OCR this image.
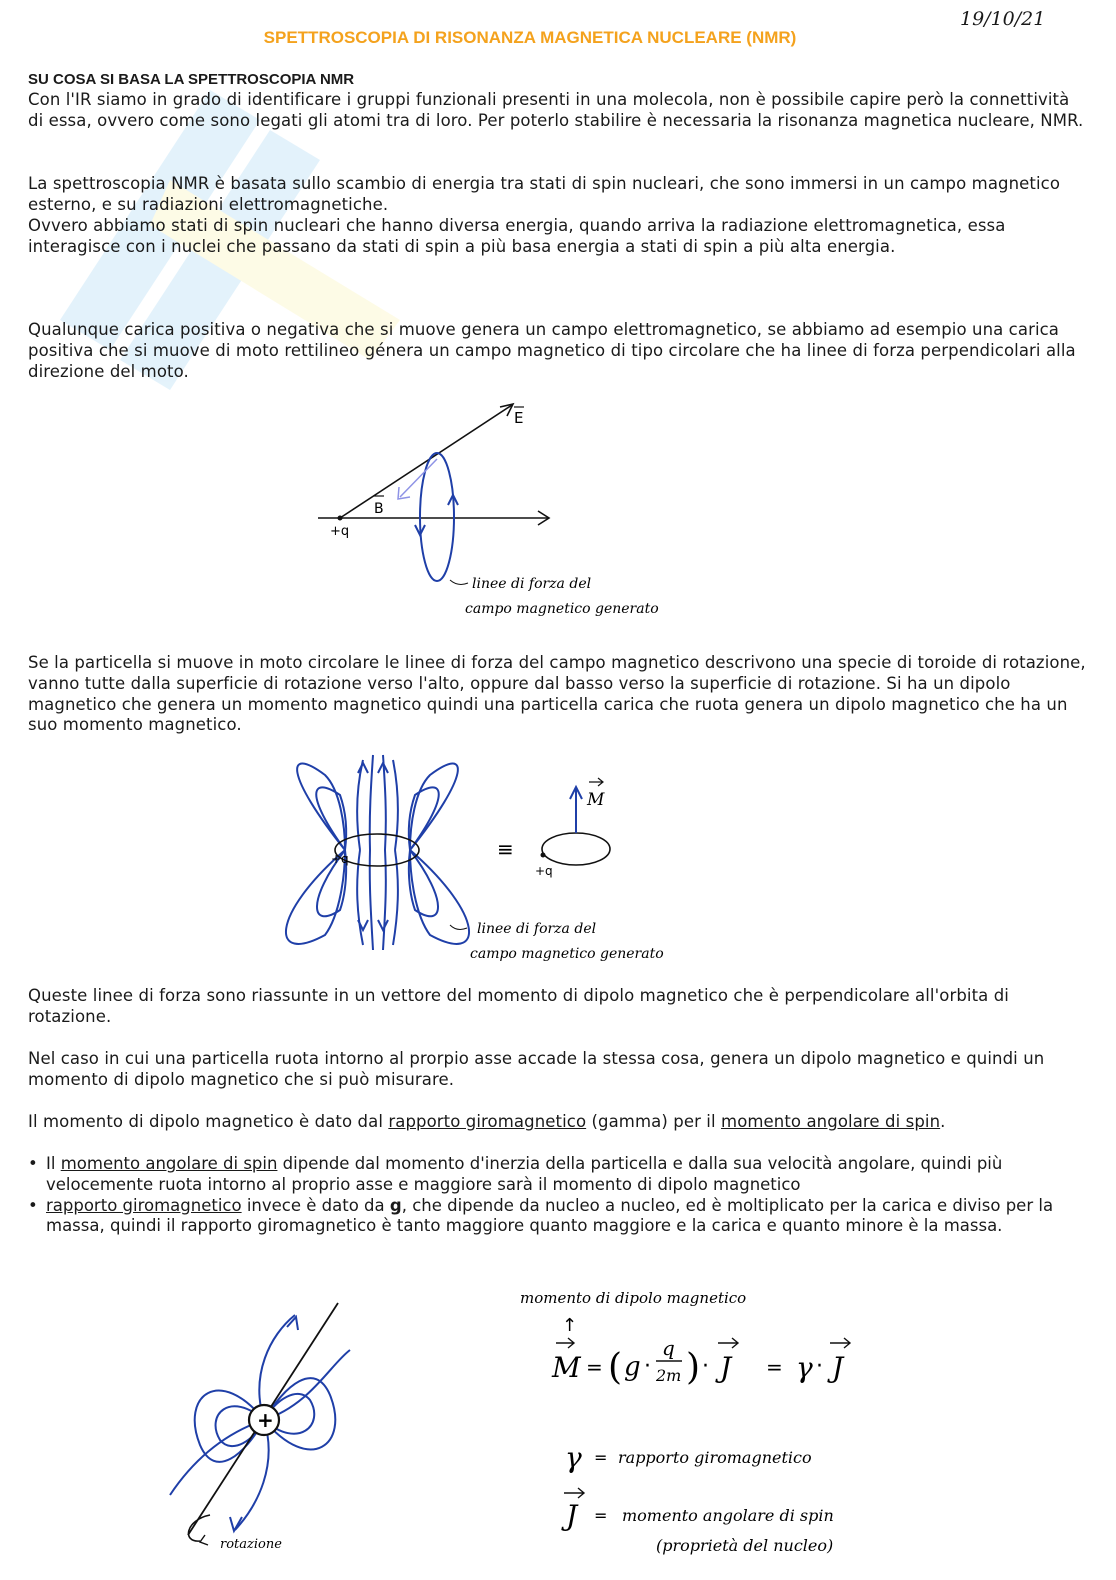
19/10/21
SPETTROSCOPIA DI RISONANZA MAGNETICA NUCLEARE (NMR)
SU COSA SI BASA LA SPETTROSCOPIA NMR

Con l'IR siamo in grado di identificare i gruppi funzionali presenti in una molecola, non è possibile capire però la connettività di essa, ovvero come sono legati gli atomi tra di loro. Per poterlo stabilire è necessaria la risonanza magnetica nucleare, NMR.

La spettroscopia NMR è basata sullo scambio di energia tra stati di spin nucleari, che sono immersi in un campo magnetico esterno, e su radiazioni elettromagnetiche.

Ovvero abbiamo stati di spin nucleari che hanno diversa energia, quando arriva la radiazione elettromagnetica, essa interagisce con i nuclei che passano da stati di spin a più basa energia a stati di spin a più alta energia.

Qualunque carica positiva o negativa che si muove genera un campo elettromagnetico, se abbiamo ad esempio una carica positiva che si muove di moto rettilineo génera un campo magnetico di tipo circolare che ha linee di forza perpendicolari alla direzione del moto.

+q
E
B
linee di forza del
campo magnetico generato

Se la particella si muove in moto circolare le linee di forza del campo magnetico descrivono una specie di toroide di rotazione, vanno tutte dalla superficie di rotazione verso l'alto, oppure dal basso verso la superficie di rotazione. Si ha un dipolo magnetico che genera un momento magnetico quindi una particella carica che ruota genera un dipolo magnetico che ha un suo momento magnetico.

+q	≡
+q
M
linee di forza del
campo magnetico generato

Queste linee di forza sono riassunte in un vettore del momento di dipolo magnetico che è perpendicolare all'orbita di rotazione.

Nel caso in cui una particella ruota intorno al prorpio asse accade la stessa cosa, genera un dipolo magnetico e quindi un momento di dipolo magnetico che si può misurare.

Il momento di dipolo magnetico è dato dal rapporto giromagnetico (gamma) per il momento angolare di spin.

• Il momento angolare di spin dipende dal momento d'inerzia della particella e dalla sua velocità angolare, quindi più velocemente ruota intorno al proprio asse e maggiore sarà il momento di dipolo magnetico
• rapporto giromagnetico invece è dato da g, che dipende da nucleo a nucleo, ed è moltiplicato per la carica e diviso per la massa, quindi il rapporto giromagnetico è tanto maggiore quanto maggiore e la carica e quanto minore è la massa.
+
rotazione
momento di dipolo magnetico
↑
M = ( g ·
q
2m ) · J = γ · J
γ = rapporto giromagnetico
J = momento angolare di spin
(proprietà del nucleo)
